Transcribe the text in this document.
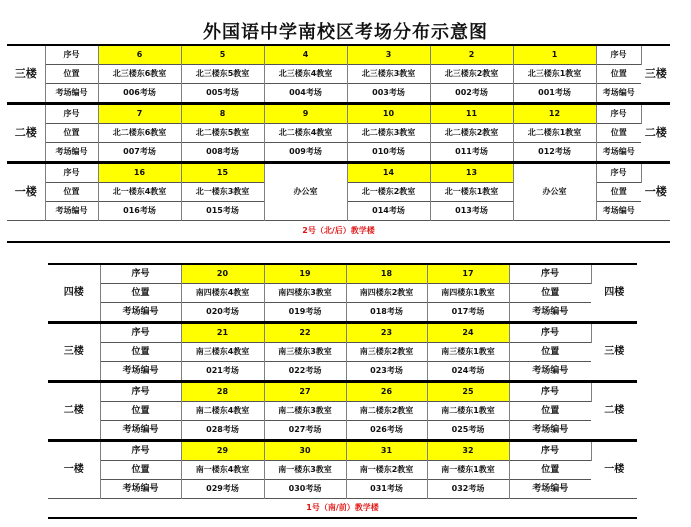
外国语中学南校区考场分布示意图
三楼	序号	6	5	4	3	2	1	序号	三楼
	位置	北三楼东6教室	北三楼东5教室	北三楼东4教室	北三楼东3教室	北三楼东2教室	北三楼东1教室	位置	
	考场编号	006考场	005考场	004考场	003考场	002考场	001考场	考场编号	
二楼	序号	7	8	9	10	11	12	序号	二楼
	位置	北二楼东6教室	北二楼东5教室	北二楼东4教室	北二楼东3教室	北二楼东2教室	北二楼东1教室	位置	
	考场编号	007考场	008考场	009考场	010考场	011考场	012考场	考场编号	
一楼	序号	16	15	办公室	14	13	办公室	序号	一楼
	位置	北一楼东4教室	北一楼东3教室		北一楼东2教室	北一楼东1教室		位置	
	考场编号	016考场	015考场		014考场	013考场		考场编号	
2号（北/后）教学楼									
四楼	序号	20	19	18	17	序号	四楼
	位置	南四楼东4教室	南四楼东3教室	南四楼东2教室	南四楼东1教室	位置	
	考场编号	020考场	019考场	018考场	017考场	考场编号	
三楼	序号	21	22	23	24	序号	三楼
	位置	南三楼东4教室	南三楼东3教室	南三楼东2教室	南三楼东1教室	位置	
	考场编号	021考场	022考场	023考场	024考场	考场编号	
二楼	序号	28	27	26	25	序号	二楼
	位置	南二楼东4教室	南二楼东3教室	南二楼东2教室	南二楼东1教室	位置	
	考场编号	028考场	027考场	026考场	025考场	考场编号	
一楼	序号	29	30	31	32	序号	一楼
	位置	南一楼东4教室	南一楼东3教室	南一楼东2教室	南一楼东1教室	位置	
	考场编号	029考场	030考场	031考场	032考场	考场编号	
1号（南/前）教学楼							
